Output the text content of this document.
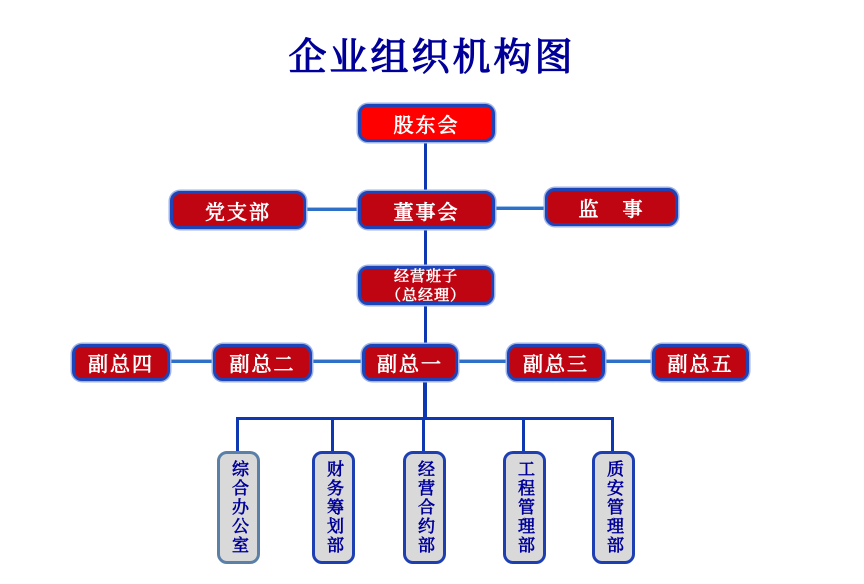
企业组织机构图
股东会
党支部	董事会	监　事
经营班子
（总经理）
副总四	副总二	副总一	副总三	副总五
综合办公室	财务筹划部	经营合约部	工程管理部	质安管理部
